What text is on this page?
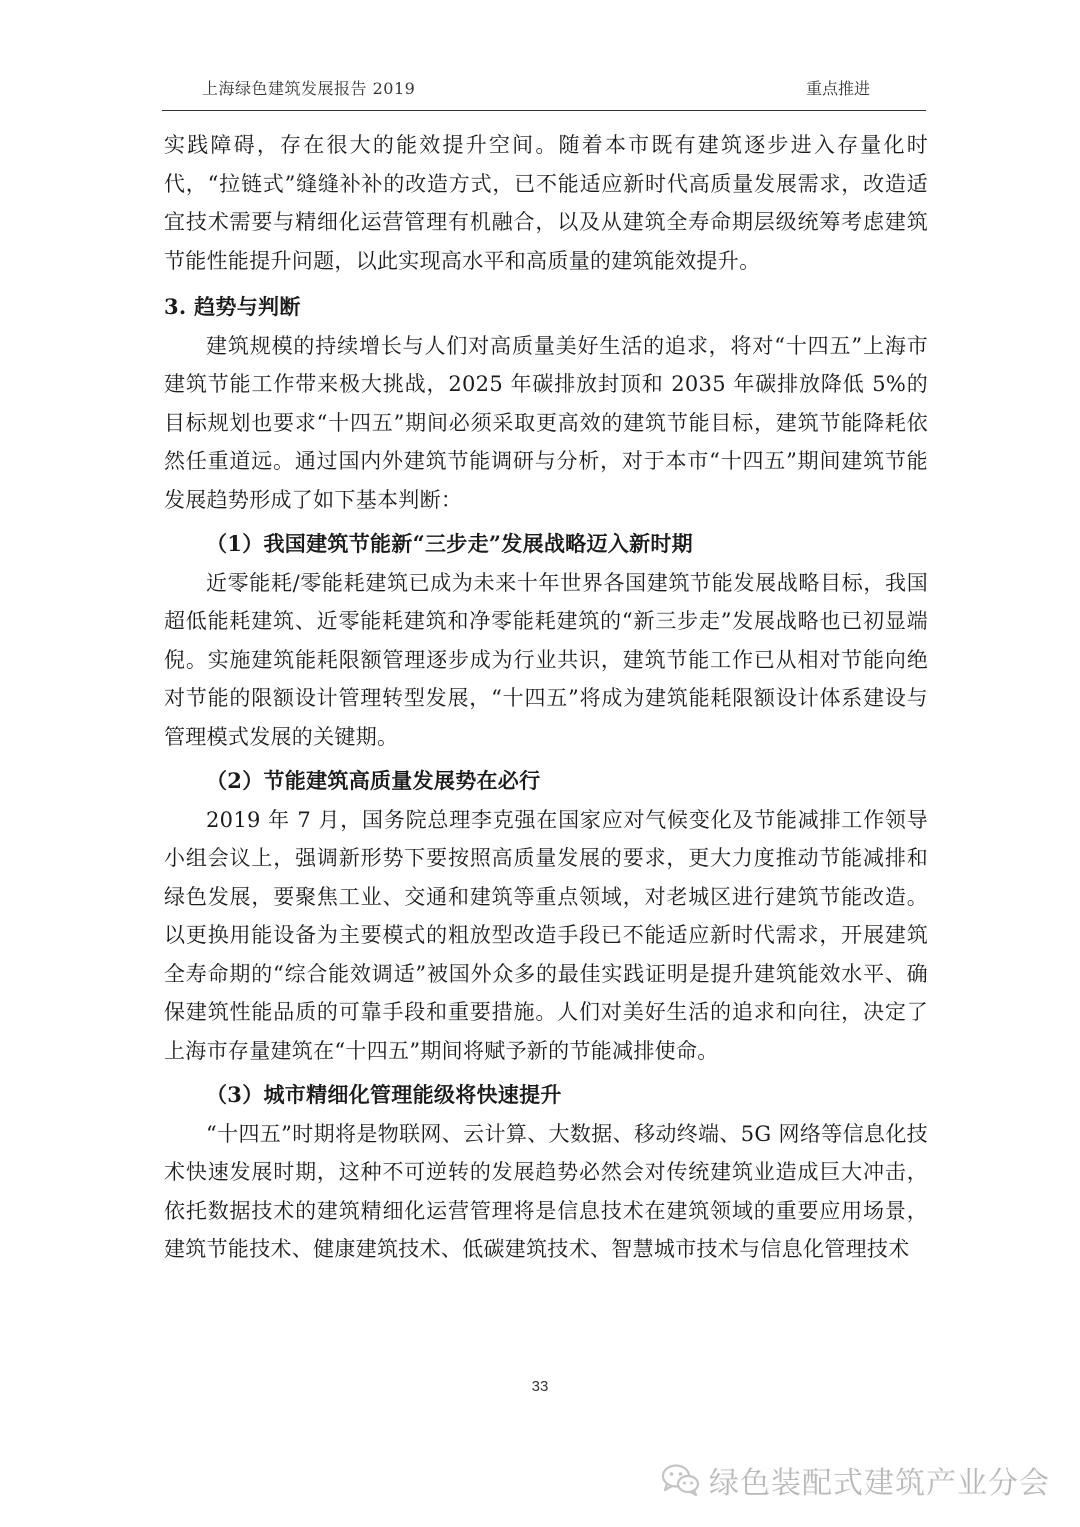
上海绿色建筑发展报告 2019	重点推进

实践障碍，存在很大的能效提升空间。随着本市既有建筑逐步进入存量化时代，“拉链式”缝缝补补的改造方式，已不能适应新时代高质量发展需求，改造适宜技术需要与精细化运营管理有机融合，以及从建筑全寿命期层级统筹考虑建筑节能性能提升问题，以此实现高水平和高质量的建筑能效提升。

3. 趋势与判断

建筑规模的持续增长与人们对高质量美好生活的追求，将对“十四五”上海市建筑节能工作带来极大挑战，2025 年碳排放封顶和 2035 年碳排放降低 5%的目标规划也要求“十四五”期间必须采取更高效的建筑节能目标，建筑节能降耗依然任重道远。通过国内外建筑节能调研与分析，对于本市“十四五”期间建筑节能发展趋势形成了如下基本判断：

（1）我国建筑节能新“三步走”发展战略迈入新时期

近零能耗/零能耗建筑已成为未来十年世界各国建筑节能发展战略目标，我国超低能耗建筑、近零能耗建筑和净零能耗建筑的“新三步走”发展战略也已初显端倪。实施建筑能耗限额管理逐步成为行业共识，建筑节能工作已从相对节能向绝对节能的限额设计管理转型发展，“十四五”将成为建筑能耗限额设计体系建设与管理模式发展的关键期。

（2）节能建筑高质量发展势在必行

2019 年 7 月，国务院总理李克强在国家应对气候变化及节能减排工作领导小组会议上，强调新形势下要按照高质量发展的要求，更大力度推动节能减排和绿色发展，要聚焦工业、交通和建筑等重点领域，对老城区进行建筑节能改造。以更换用能设备为主要模式的粗放型改造手段已不能适应新时代需求，开展建筑全寿命期的“综合能效调适”被国外众多的最佳实践证明是提升建筑能效水平、确保建筑性能品质的可靠手段和重要措施。人们对美好生活的追求和向往，决定了上海市存量建筑在“十四五”期间将赋予新的节能减排使命。

（3）城市精细化管理能级将快速提升

“十四五”时期将是物联网、云计算、大数据、移动终端、5G 网络等信息化技术快速发展时期，这种不可逆转的发展趋势必然会对传统建筑业造成巨大冲击，依托数据技术的建筑精细化运营管理将是信息技术在建筑领域的重要应用场景，建筑节能技术、健康建筑技术、低碳建筑技术、智慧城市技术与信息化管理技术

33
绿色装配式建筑产业分会
